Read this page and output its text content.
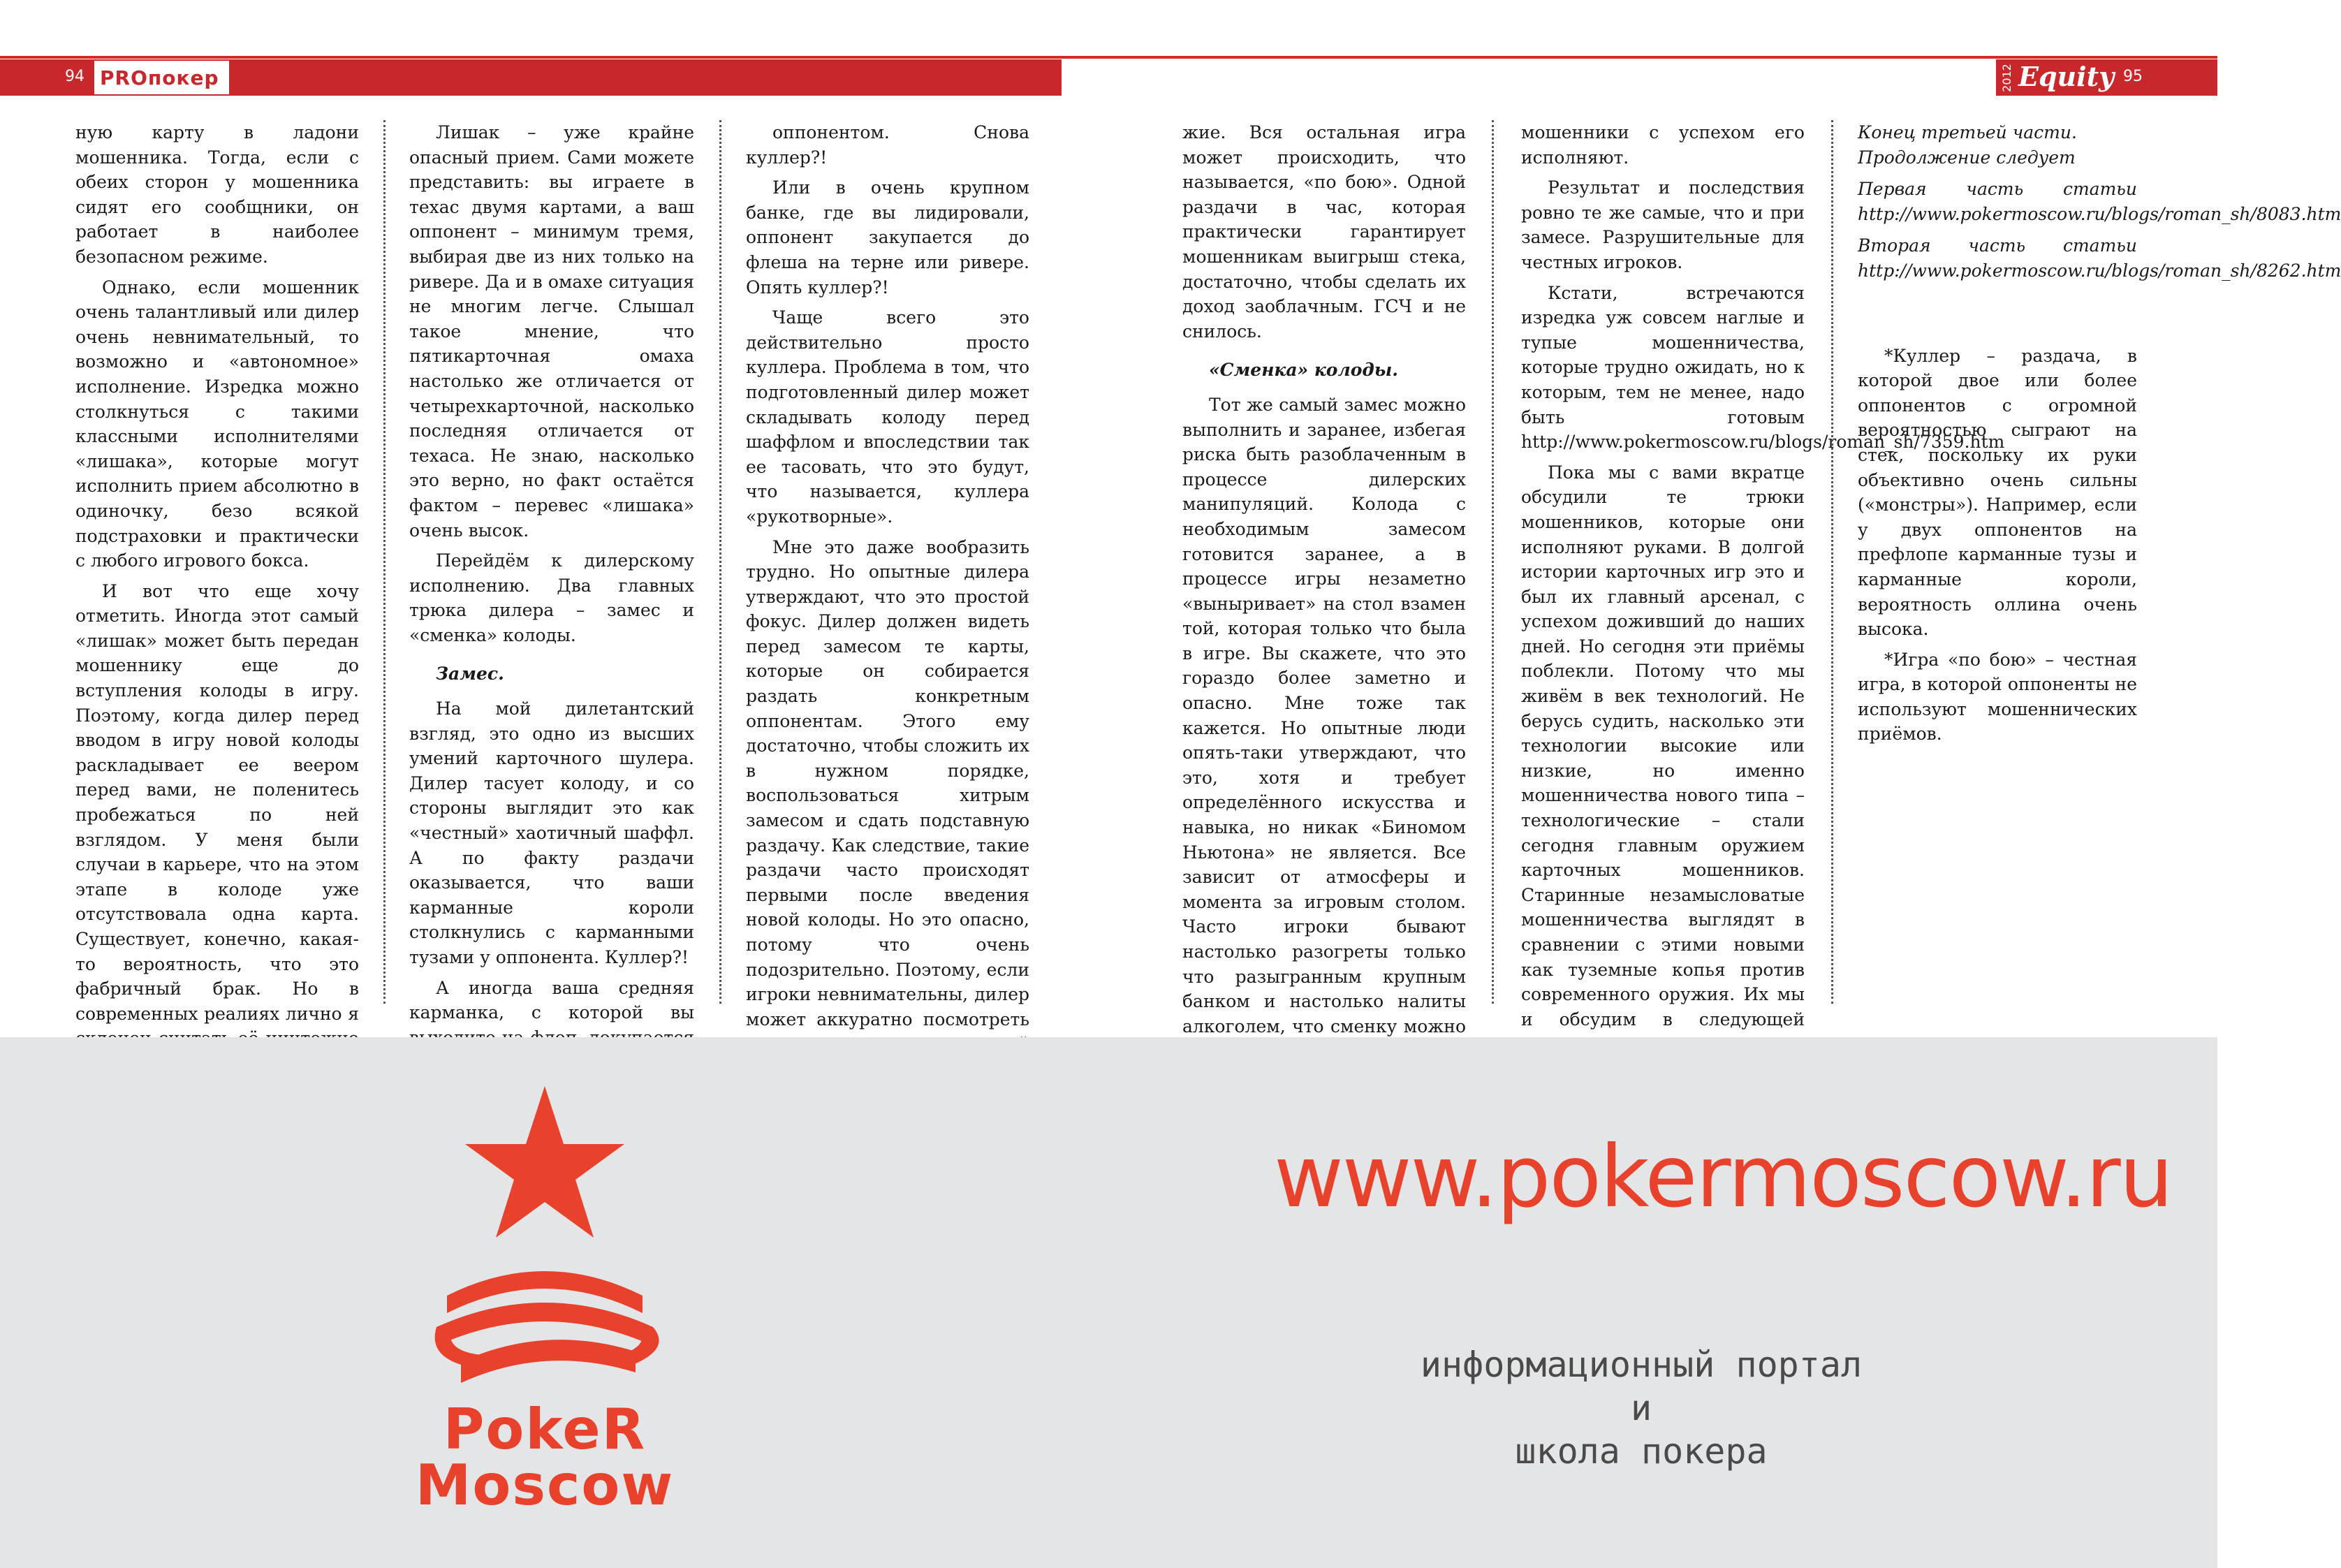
94 PROпокер	2012 Equity 95

ную карту в ладони мошенника. Тогда, если с обеих сторон у мошенника сидят его сообщники, он работает в наиболее безопасном режиме.

Однако, если мошенник очень талантливый или дилер очень невнимательный, то возможно и «автономное» исполнение. Изредка можно столкнуться с такими классными исполнителями «лишака», которые могут исполнить прием абсолютно в одиночку, безо всякой подстраховки и практически с любого игрового бокса.

И вот что еще хочу отметить. Иногда этот самый «лишак» может быть передан мошеннику еще до вступления колоды в игру. Поэтому, когда дилер перед вводом в игру новой колоды раскладывает ее веером перед вами, не поленитесь пробежаться по ней взглядом. У меня были случаи в карьере, что на этом этапе в колоде уже отсутствовала одна карта. Существует, конечно, какая-то вероятность, что это фабричный брак. Но в современных реалиях лично я

Лишак – уже крайне опасный прием. Сами можете представить: вы играете в техас двумя картами, а ваш оппонент – минимум тремя, выбирая две из них только на ривере. Да и в омахе ситуация не многим легче. Слышал такое мнение, что пятикарточная омаха настолько же отличается от четырехкарточной, насколько последняя отличается от техаса. Не знаю, насколько это верно, но факт остаётся фактом – перевес «лишака» очень высок.

Перейдём к дилерскому исполнению. Два главных трюка дилера – замес и «сменка» колоды.

Замес.

На мой дилетантский взгляд, это одно из высших умений карточного шулера. Дилер тасует колоду, и со стороны выглядит это как «честный» хаотичный шаффл. А по факту раздачи оказывается, что ваши карманные короли столкнулись с карманными тузами у оппонента. Куллер?!

А иногда ваша средняя карманка, с которой вы

оппонентом. Снова куллер?!

Или в очень крупном банке, где вы лидировали, оппонент закупается до флеша на терне или ривере. Опять куллер?!

Чаще всего это действительно просто куллера. Проблема в том, что подготовленный дилер может складывать колоду перед шаффлом и впоследствии так ее тасовать, что это будут, что называется, куллера «рукотворные».

Мне это даже вообразить трудно. Но опытные дилера утверждают, что это простой фокус. Дилер должен видеть перед замесом те карты, которые он собирается раздать конкретным оппонентам. Этого ему достаточно, чтобы сложить их в нужном порядке, воспользоваться хитрым замесом и сдать подставную раздачу. Как следствие, такие раздачи часто происходят первыми после введения новой колоды. Но это опасно, потому что очень подозрительно. Поэтому, если игроки невнимательны, дилер может аккуратно посмотреть

жие. Вся остальная игра может происходить, что называется, «по бою». Одной раздачи в час, которая практически гарантирует мошенникам выигрыш стека, достаточно, чтобы сделать их доход заоблачным. ГСЧ и не снилось.

«Сменка» колоды.

Тот же самый замес можно выполнить и заранее, избегая риска быть разоблаченным в процессе дилерских манипуляций. Колода с необходимым замесом готовится заранее, а в процессе игры незаметно «выныривает» на стол взамен той, которая только что была в игре. Вы скажете, что это гораздо более заметно и опасно. Мне тоже так кажется. Но опытные люди опять-таки утверждают, что это, хотя и требует определённого искусства и навыка, но никак «Биномом Ньютона» не является. Все зависит от атмосферы и момента за игровым столом. Часто игроки бывают настолько разогреты только что разыгранным крупным банком и настолько налиты алкоголем, что сменку можно

мошенники с успехом его исполняют.

Результат и последствия ровно те же самые, что и при замесе. Разрушительные для честных игроков.

Кстати, встречаются изредка уж совсем наглые и тупые мошенничества, которые трудно ожидать, но к которым, тем не менее, надо быть готовым http://www.pokermoscow.ru/blogs/roman_sh/7359.htm

Пока мы с вами вкратце обсудили те трюки мошенников, которые они исполняют руками. В долгой истории карточных игр это и был их главный арсенал, с успехом доживший до наших дней. Но сегодня эти приёмы поблекли. Потому что мы живём в век технологий. Не берусь судить, насколько эти технологии высокие или низкие, но именно мошенничества нового типа – технологические – стали сегодня главным оружием карточных мошенников. Старинные незамысловатые мошенничества выглядят в сравнении с этими новыми как туземные копья против современного оружия. Их мы и обсудим в следующей

Конец третьей части.

Продолжение следует

Первая часть статьи http://www.pokermoscow.ru/blogs/roman_sh/8083.htm

Вторая часть статьи http://www.pokermoscow.ru/blogs/roman_sh/8262.htm

*Куллер – раздача, в которой двое или более оппонентов с огромной вероятностью сыграют на стек, поскольку их руки объективно очень сильны («монстры»). Например, если у двух оппонентов на префлопе карманные тузы и карманные короли, вероятность оллина очень высока.

*Игра «по бою» – честная игра, в которой оппоненты не используют мошеннических приёмов.

PokeR
Moscow
www.pokermoscow.ru
информационный портал
и
школа покера
